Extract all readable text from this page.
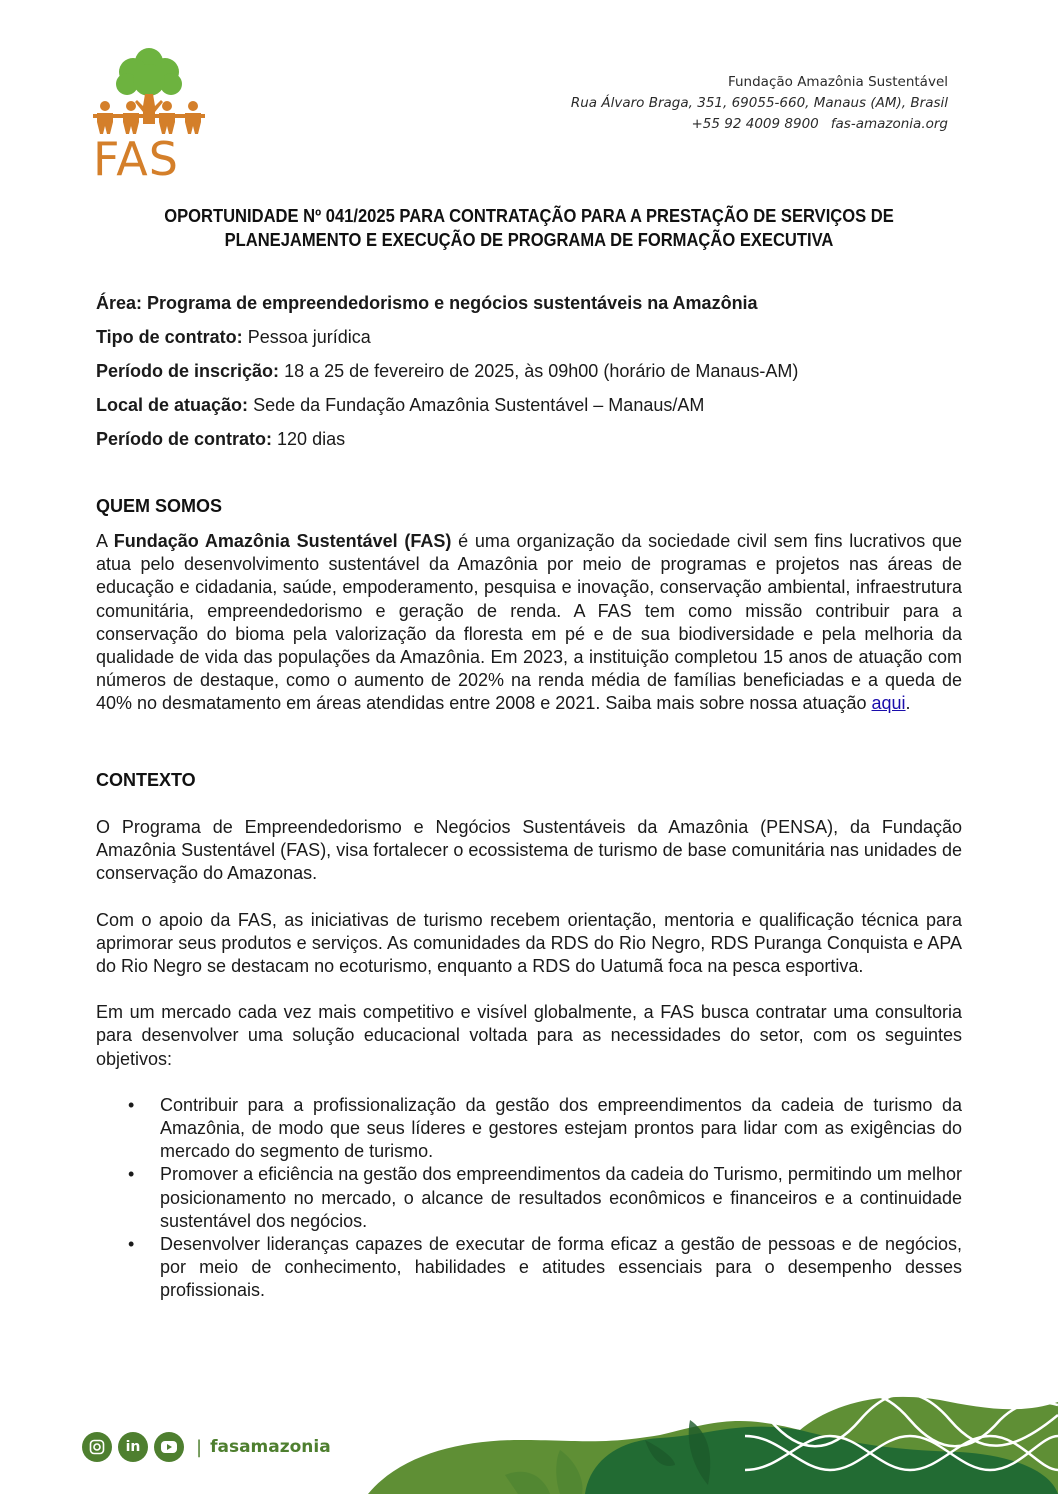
FAS
Fundação Amazônia Sustentável
Rua Álvaro Braga, 351, 69055-660, Manaus (AM), Brasil
+55 92 4009 8900 fas-amazonia.org
OPORTUNIDADE Nº 041/2025 PARA CONTRATAÇÃO PARA A PRESTAÇÃO DE SERVIÇOS DE
PLANEJAMENTO E EXECUÇÃO DE PROGRAMA DE FORMAÇÃO EXECUTIVA
Área: Programa de empreendedorismo e negócios sustentáveis na Amazônia
Tipo de contrato: Pessoa jurídica
Período de inscrição: 18 a 25 de fevereiro de 2025, às 09h00 (horário de Manaus-AM)
Local de atuação: Sede da Fundação Amazônia Sustentável – Manaus/AM
Período de contrato: 120 dias
QUEM SOMOS

A Fundação Amazônia Sustentável (FAS) é uma organização da sociedade civil sem fins lucrativos que atua pelo desenvolvimento sustentável da Amazônia por meio de programas e projetos nas áreas de educação e cidadania, saúde, empoderamento, pesquisa e inovação, conservação ambiental, infraestrutura comunitária, empreendedorismo e geração de renda. A FAS tem como missão contribuir para a conservação do bioma pela valorização da floresta em pé e de sua biodiversidade e pela melhoria da qualidade de vida das populações da Amazônia. Em 2023, a instituição completou 15 anos de atuação com números de destaque, como o aumento de 202% na renda média de famílias beneficiadas e a queda de 40% no desmatamento em áreas atendidas entre 2008 e 2021. Saiba mais sobre nossa atuação aqui.

CONTEXTO

O Programa de Empreendedorismo e Negócios Sustentáveis da Amazônia (PENSA), da Fundação Amazônia Sustentável (FAS), visa fortalecer o ecossistema de turismo de base comunitária nas unidades de conservação do Amazonas.

Com o apoio da FAS, as iniciativas de turismo recebem orientação, mentoria e qualificação técnica para aprimorar seus produtos e serviços. As comunidades da RDS do Rio Negro, RDS Puranga Conquista e APA do Rio Negro se destacam no ecoturismo, enquanto a RDS do Uatumã foca na pesca esportiva.

Em um mercado cada vez mais competitivo e visível globalmente, a FAS busca contratar uma consultoria para desenvolver uma solução educacional voltada para as necessidades do setor, com os seguintes objetivos:

• Contribuir para a profissionalização da gestão dos empreendimentos da cadeia de turismo da Amazônia, de modo que seus líderes e gestores estejam prontos para lidar com as exigências do mercado do segmento de turismo.
• Promover a eficiência na gestão dos empreendimentos da cadeia do Turismo, permitindo um melhor posicionamento no mercado, o alcance de resultados econômicos e financeiros e a continuidade sustentável dos negócios.
• Desenvolver lideranças capazes de executar de forma eficaz a gestão de pessoas e de negócios, por meio de conhecimento, habilidades e atitudes essenciais para o desempenho desses profissionais.
in	| fasamazonia
